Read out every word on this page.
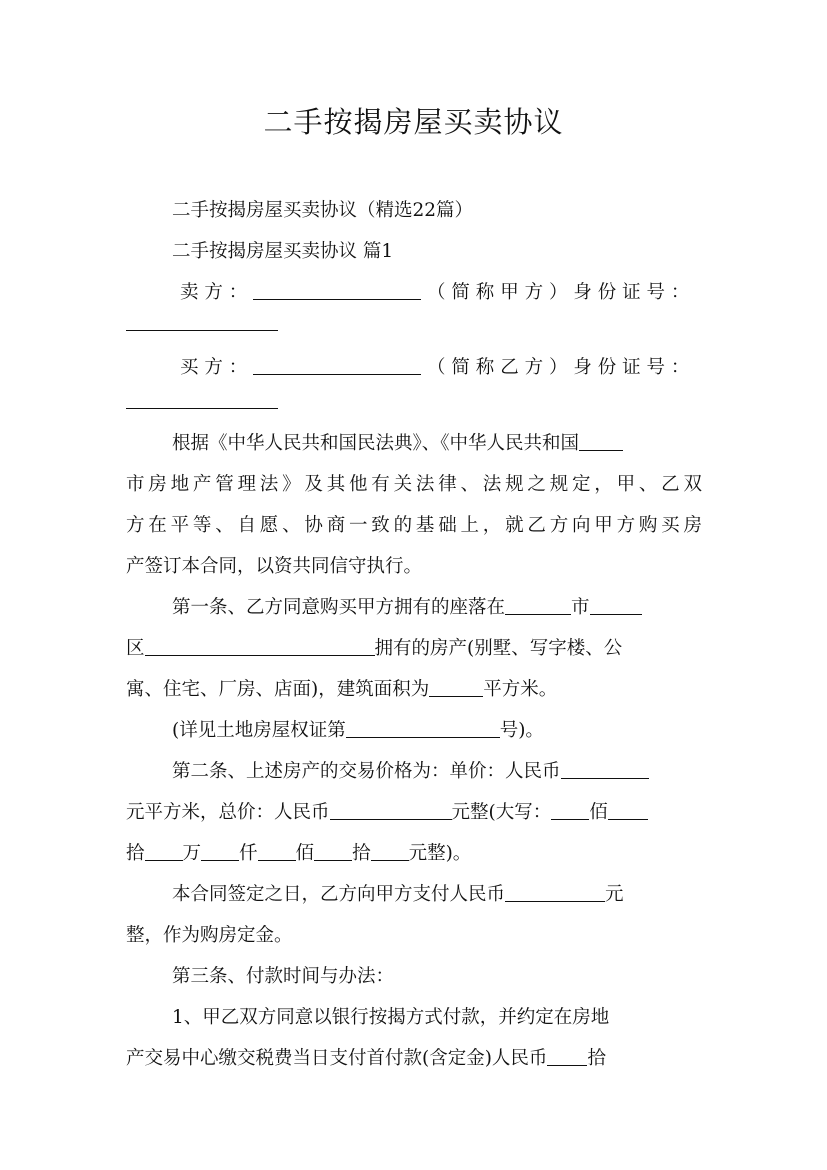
二手按揭房屋买卖协议
二手按揭房屋买卖协议（精选22篇）
二手按揭房屋买卖协议 篇1
卖 方 ：	（ 简 称 甲 方 ） 身 份 证 号 ：
买 方 ：	（ 简 称 乙 方 ） 身 份 证 号 ：
根据《中华人民共和国民法典》、《中华人民共和国
市房地产管理法》及其他有关法律、法规之规定，甲、乙双
方在平等、自愿、协商一致的基础上，就乙方向甲方购买房
产签订本合同，以资共同信守执行。
第一条、乙方同意购买甲方拥有的座落在	市
区	拥有的房产(别墅、写字楼、公
寓、住宅、厂房、店面)，建筑面积为	平方米。
(详见土地房屋权证第	号)。
第二条、上述房产的交易价格为：单价：人民币
元平方米，总价：人民币	元整(大写： 佰
拾 万 仟 佰 拾 元整)。
本合同签定之日，乙方向甲方支付人民币	元
整，作为购房定金。
第三条、付款时间与办法：
1、甲乙双方同意以银行按揭方式付款，并约定在房地
产交易中心缴交税费当日支付首付款(含定金)人民币 拾
